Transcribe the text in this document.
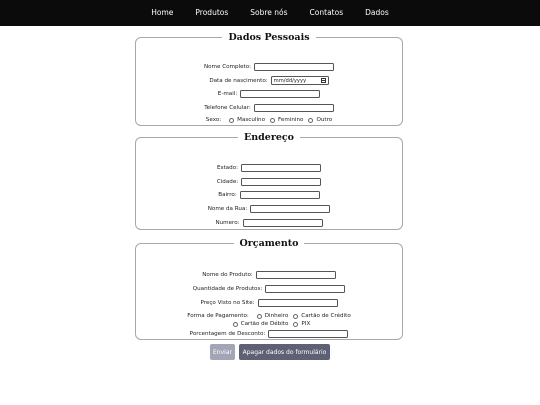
Home	Produtos	Sobre nós	Contatos	Dados
Dados Pessoais
Nome Completo:
Data de nascimento: mm/dd/yyyy
E-mail:
Telefone Celular:
Sexo:	Masculino Feminino Outro
Endereço
Estado:
Cidade:
Bairro:
Nome da Rua:
Numero:
Orçamento
Nome do Produto:
Quantidade de Produtos:
Preço Visto no Site:
Forma de Pagamento:	Dinheiro Cartão de Crédito
Cartão de Débito PIX
Porcentagem de Desconto:
Enviar	Apagar dados do formulário
